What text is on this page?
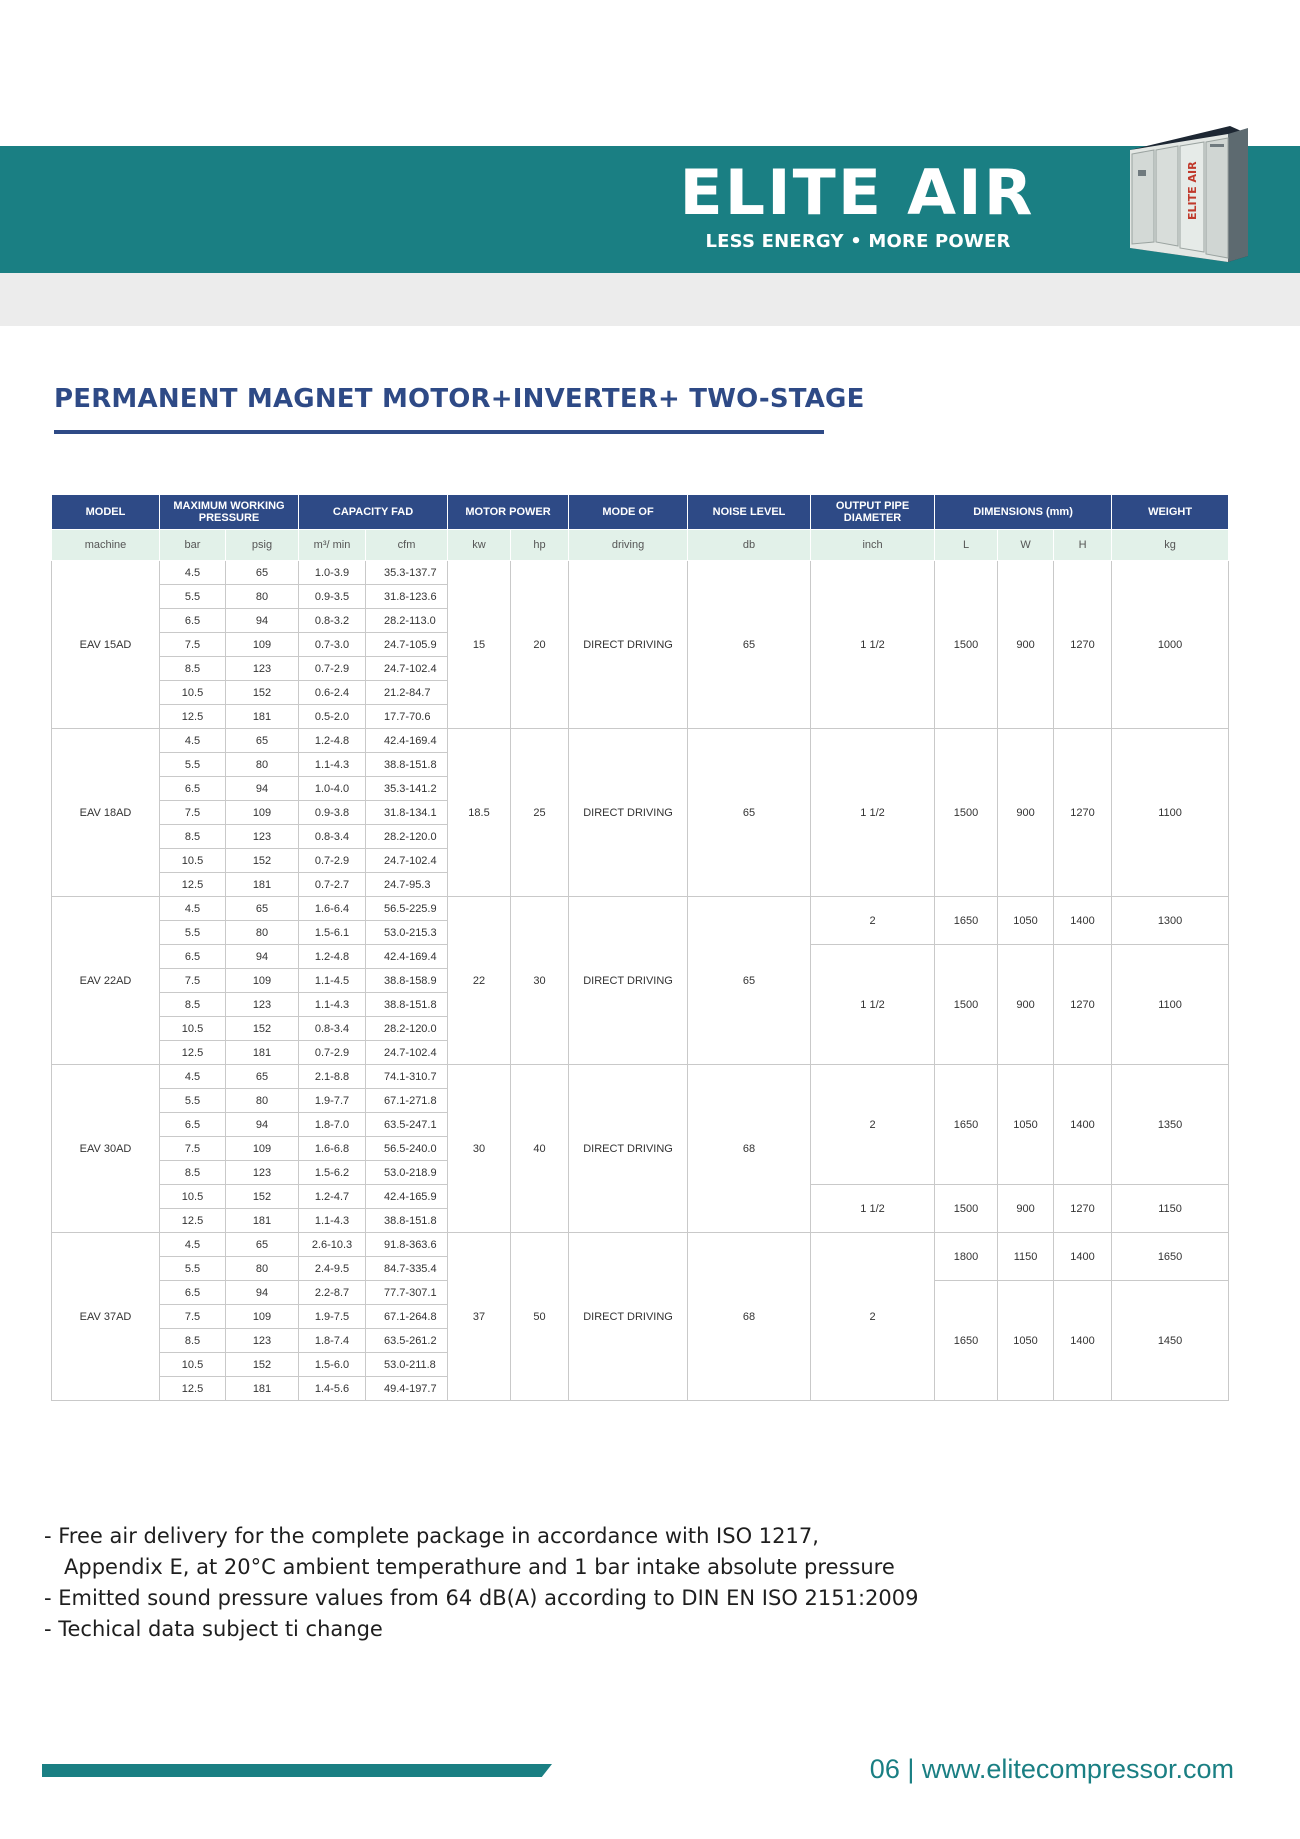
ELITE AIR
LESS ENERGY • MORE POWER
ELITE AIR
PERMANENT MAGNET MOTOR+INVERTER+ TWO-STAGE
MODEL	MAXIMUM WORKING PRESSURE		CAPACITY FAD		MOTOR POWER		MODE OF	NOISE LEVEL	OUTPUT PIPE DIAMETER	DIMENSIONS (mm)			WEIGHT
machine	bar	psig	m³/ min	cfm	kw	hp	driving	db	inch	L	W	H	kg
EAV 15AD	4.5	65	1.0-3.9	35.3-137.7	15	20	DIRECT DRIVING	65	1 1/2	1500	900	1270	1000
	5.5	80	0.9-3.5	31.8-123.6									
	6.5	94	0.8-3.2	28.2-113.0									
	7.5	109	0.7-3.0	24.7-105.9									
	8.5	123	0.7-2.9	24.7-102.4									
	10.5	152	0.6-2.4	21.2-84.7									
	12.5	181	0.5-2.0	17.7-70.6									
EAV 18AD	4.5	65	1.2-4.8	42.4-169.4	18.5	25	DIRECT DRIVING	65	1 1/2	1500	900	1270	1100
	5.5	80	1.1-4.3	38.8-151.8									
	6.5	94	1.0-4.0	35.3-141.2									
	7.5	109	0.9-3.8	31.8-134.1									
	8.5	123	0.8-3.4	28.2-120.0									
	10.5	152	0.7-2.9	24.7-102.4									
	12.5	181	0.7-2.7	24.7-95.3									
EAV 22AD	4.5	65	1.6-6.4	56.5-225.9	22	30	DIRECT DRIVING	65	2	1650	1050	1400	1300
	5.5	80	1.5-6.1	53.0-215.3									
	6.5	94	1.2-4.8	42.4-169.4					1 1/2	1500	900	1270	1100
	7.5	109	1.1-4.5	38.8-158.9									
	8.5	123	1.1-4.3	38.8-151.8									
	10.5	152	0.8-3.4	28.2-120.0									
	12.5	181	0.7-2.9	24.7-102.4									
EAV 30AD	4.5	65	2.1-8.8	74.1-310.7	30	40	DIRECT DRIVING	68	2	1650	1050	1400	1350
	5.5	80	1.9-7.7	67.1-271.8									
	6.5	94	1.8-7.0	63.5-247.1									
	7.5	109	1.6-6.8	56.5-240.0									
	8.5	123	1.5-6.2	53.0-218.9									
	10.5	152	1.2-4.7	42.4-165.9					1 1/2	1500	900	1270	1150
	12.5	181	1.1-4.3	38.8-151.8									
EAV 37AD	4.5	65	2.6-10.3	91.8-363.6	37	50	DIRECT DRIVING	68	2	1800	1150	1400	1650
	5.5	80	2.4-9.5	84.7-335.4									
	6.5	94	2.2-8.7	77.7-307.1						1650	1050	1400	1450
	7.5	109	1.9-7.5	67.1-264.8									
	8.5	123	1.8-7.4	63.5-261.2									
	10.5	152	1.5-6.0	53.0-211.8									
	12.5	181	1.4-5.6	49.4-197.7									
- Free air delivery for the complete package in accordance with ISO 1217,
Appendix E, at 20°C ambient temperathure and 1 bar intake absolute pressure
- Emitted sound pressure values from 64 dB(A) according to DIN EN ISO 2151:2009
- Techical data subject ti change
06 | www.elitecompressor.com
